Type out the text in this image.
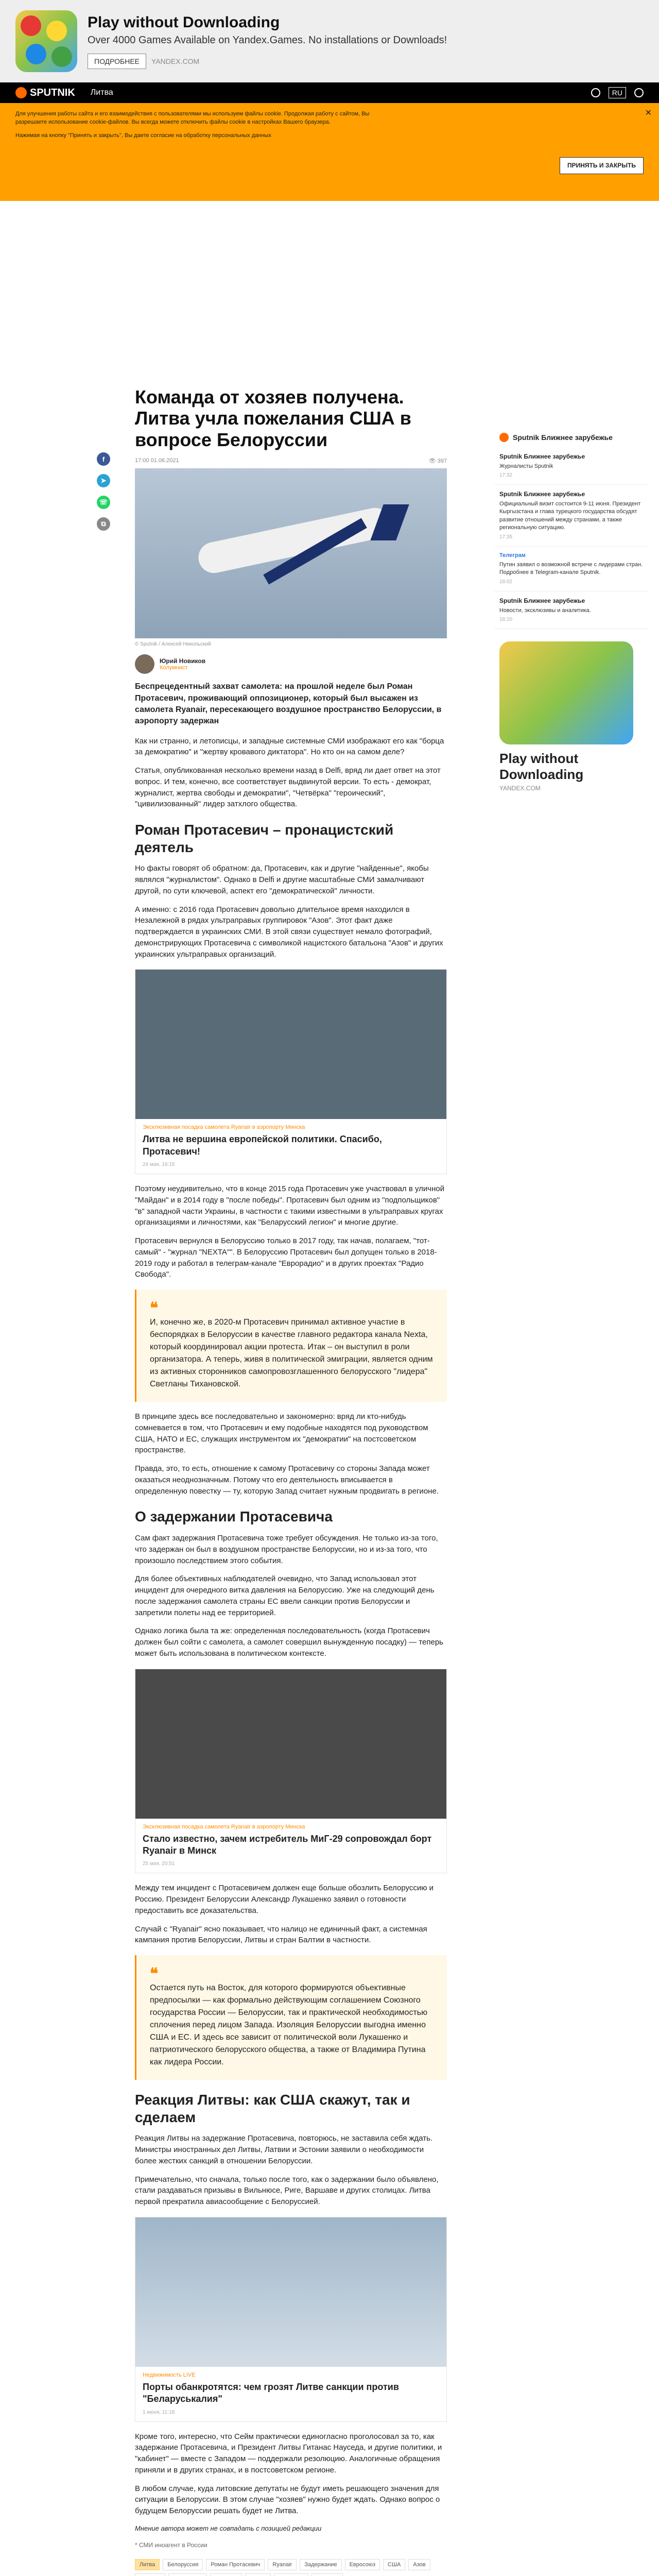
Play without Downloading
Over 4000 Games Available on Yandex.Games. No installations or Downloads!
ПОДРОБНЕЕ YANDEX.COM
SPUTNIK Литва	RU
✕
Для улучшения работы сайта и его взаимодействия с пользователями мы используем файлы cookie. Продолжая работу с сайтом, Вы разрешаете использование cookie-файлов. Вы всегда можете отключить файлы cookie в настройках Вашего браузера.
Нажимая на кнопку "Принять и закрыть", Вы даете согласие на обработку персональных данных
ПРИНЯТЬ И ЗАКРЫТЬ
f
➤
☏
⧉
Команда от хозяев получена. Литва учла пожелания США в вопросе Белоруссии
17:00 01.06.2021	👁 397
© Sputnik / Алексей Никольский
Юрий Новиков
Колумнист
Беспрецедентный захват самолета: на прошлой неделе был Роман Протасевич, проживающий оппозиционер, который был высажен из самолета Ryanair, пересекающего воздушное пространство Белоруссии, в аэропорту задержан

Как ни странно, и летописцы, и западные системные СМИ изображают его как "борца за демократию" и "жертву кровавого диктатора". Но кто он на самом деле?

Статья, опубликованная несколько времени назад в Delfi, вряд ли дает ответ на этот вопрос. И тем, конечно, все соответствует выдвинутой версии. То есть - демократ, журналист, жертва свободы и демократии", "Четвёрка" "героический", "цивилизованный" лидер затхлого общества.

Роман Протасевич – пронацистский деятель

Но факты говорят об обратном: да, Протасевич, как и другие "найденные", якобы являлся "журналистом". Однако в Delfi и другие масштабные СМИ замалчивают другой, по сути ключевой, аспект его "демократической" личности.

А именно: с 2016 года Протасевич довольно длительное время находился в Незалежной в рядах ультраправых группировок "Азов". Этот факт даже подтверждается в украинских СМИ. В этой связи существует немало фотографий, демонстрирующих Протасевича с символикой нацистского батальона "Азов" и других украинских ультраправых организаций.

Эксклюзивная посадка самолета Ryanair в аэропорту Минска
Литва не вершина европейской политики. Спасибо, Протасевич!
24 мая, 16:15

Поэтому неудивительно, что в конце 2015 года Протасевич уже участвовал в уличной "Майдан" и в 2014 году в "после победы". Протасевич был одним из "подпольщиков" "в" западной части Украины, в частности с такими известными в ультраправых кругах организациями и личностями, как "Беларусский легион" и многие другие.

Протасевич вернулся в Белоруссию только в 2017 году, так начав, полагаем, "тот-самый" - "журнал "NEXTA"". В Белоруссию Протасевич был допущен только в 2018-2019 году и работал в телеграм-канале "Еврорадио" и в других проектах "Радио Свобода".

❝
И, конечно же, в 2020-м Протасевич принимал активное участие в беспорядках в Белоруссии в качестве главного редактора канала Nexta, который координировал акции протеста. Итак – он выступил в роли организатора. А теперь, живя в политической эмиграции, является одним из активных сторонников самопровозглашенного белорусского "лидера" Светланы Тихановской.

В принципе здесь все последовательно и закономерно: вряд ли кто-нибудь сомневается в том, что Протасевич и ему подобные находятся под руководством США, НАТО и ЕС, служащих инструментом их "демократии" на постсоветском пространстве.

Правда, это, то есть, отношение к самому Протасевичу со стороны Запада может оказаться неоднозначным. Потому что его деятельность вписывается в определенную повестку — ту, которую Запад считает нужным продвигать в регионе.

О задержании Протасевича

Сам факт задержания Протасевича тоже требует обсуждения. Не только из-за того, что задержан он был в воздушном пространстве Белоруссии, но и из-за того, что произошло последствием этого события.

Для более объективных наблюдателей очевидно, что Запад использовал этот инцидент для очередного витка давления на Белоруссию. Уже на следующий день после задержания самолета страны ЕС ввели санкции против Белоруссии и запретили полеты над ее территорией.

Однако логика была та же: определенная последовательность (когда Протасевич должен был сойти с самолета, а самолет совершил вынужденную посадку) — теперь может быть использована в политическом контексте.

Эксклюзивная посадка самолета Ryanair в аэропорту Минска
Стало известно, зачем истребитель МиГ-29 сопровождал борт Ryanair в Минск
25 мая, 20:51

Между тем инцидент с Протасевичем должен еще больше обозлить Белоруссию и Россию. Президент Белоруссии Александр Лукашенко заявил о готовности предоставить все доказательства.

Случай с "Ryanair" ясно показывает, что налицо не единичный факт, а системная кампания против Белоруссии, Литвы и стран Балтии в частности.

❝
Остается путь на Восток, для которого формируются объективные предпосылки — как формально действующим соглашением Союзного государства России — Белоруссии, так и практической необходимостью сплочения перед лицом Запада. Изоляция Белоруссии выгодна именно США и ЕС. И здесь все зависит от политической воли Лукашенко и патриотического белорусского общества, а также от Владимира Путина как лидера России.
Реакция Литвы: как США скажут, так и сделаем

Реакция Литвы на задержание Протасевича, повторюсь, не заставила себя ждать. Министры иностранных дел Литвы, Латвии и Эстонии заявили о необходимости более жестких санкций в отношении Белоруссии.

Примечательно, что сначала, только после того, как о задержании было объявлено, стали раздаваться призывы в Вильнюсе, Риге, Варшаве и других столицах. Литва первой прекратила авиасообщение с Белоруссией.

Недвижимость LIVE
Порты обанкротятся: чем грозят Литве санкции против "Беларуськалия"
1 июня, 11:18

Кроме того, интересно, что Сейм практически единогласно проголосовал за то, как задержание Протасевича, и Президент Литвы Гитанас Науседа, и другие политики, и "кабинет" — вместе с Западом — поддержали резолюцию. Аналогичные обращения приняли и в других странах, и в постсоветском регионе.

В любом случае, куда литовские депутаты не будут иметь решающего значения для ситуации в Белоруссии. В этом случае "хозяев" нужно будет ждать. Однако вопрос о будущем Белоруссии решать будет не Литва.

Мнение автора может не совпадать с позицией редакции

* СМИ иноагент в России

Литва	Белоруссия	Роман Протасевич	Ryanair	Задержание	Евросоюз	США	Азов
Sputnik Ближнее зарубежье
Sputnik Ближнее зарубежье
Журналисты Sputnik
17:32
Sputnik Ближнее зарубежье
Официальный визит состоится 9-11 июня. Президент Кыргызстана и глава турецкого государства обсудят развитие отношений между странами, а также региональную ситуацию.
17:35
Телеграм
Путин заявил о возможной встрече с лидерами стран. Подробнее в Telegram-канале Sputnik.
18:02
Sputnik Ближнее зарубежье
Новости, эксклюзивы и аналитика.
18:20
Play without Downloading
YANDEX.COM
